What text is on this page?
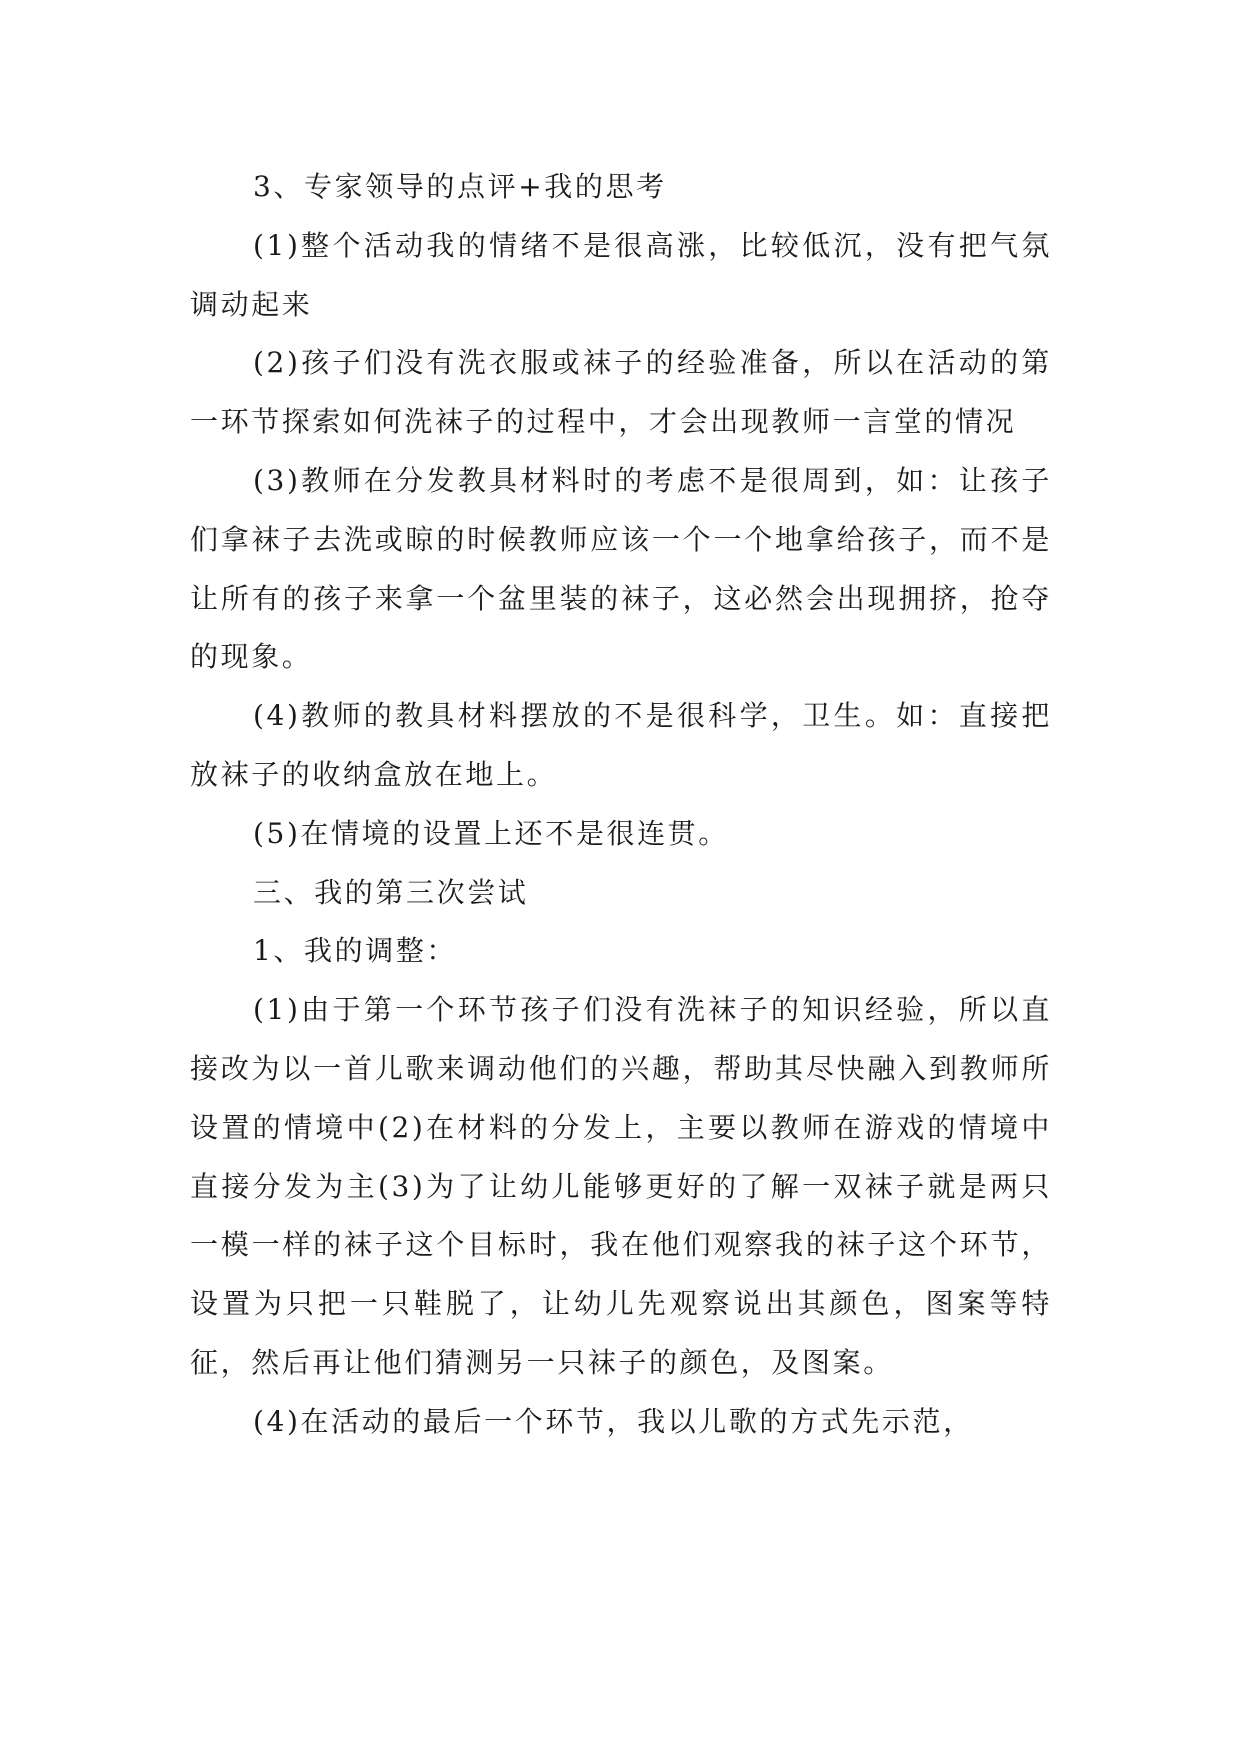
3、专家领导的点评+我的思考

(1)整个活动我的情绪不是很高涨，比较低沉，没有把气氛调动起来

(2)孩子们没有洗衣服或袜子的经验准备，所以在活动的第一环节探索如何洗袜子的过程中，才会出现教师一言堂的情况

(3)教师在分发教具材料时的考虑不是很周到，如：让孩子们拿袜子去洗或晾的时候教师应该一个一个地拿给孩子，而不是让所有的孩子来拿一个盆里装的袜子，这必然会出现拥挤，抢夺的现象。

(4)教师的教具材料摆放的不是很科学，卫生。如：直接把放袜子的收纳盒放在地上。

(5)在情境的设置上还不是很连贯。

三、我的第三次尝试

1、我的调整：

(1)由于第一个环节孩子们没有洗袜子的知识经验，所以直接改为以一首儿歌来调动他们的兴趣，帮助其尽快融入到教师所设置的情境中(2)在材料的分发上，主要以教师在游戏的情境中直接分发为主(3)为了让幼儿能够更好的了解一双袜子就是两只一模一样的袜子这个目标时，我在他们观察我的袜子这个环节，设置为只把一只鞋脱了，让幼儿先观察说出其颜色，图案等特征，然后再让他们猜测另一只袜子的颜色，及图案。

(4)在活动的最后一个环节，我以儿歌的方式先示范，
